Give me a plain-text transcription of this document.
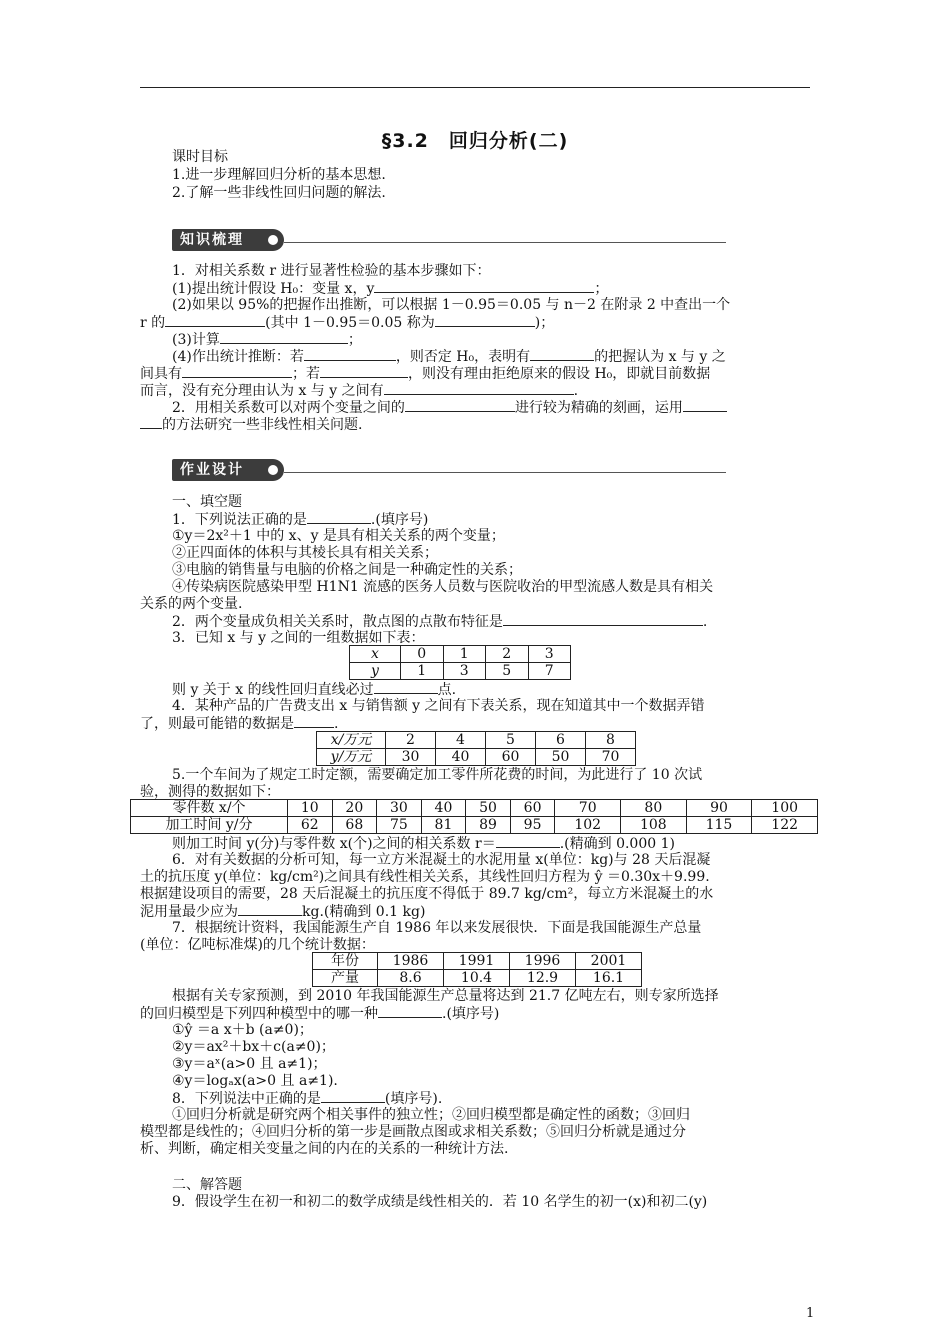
§3.2　回归分析(二)
课时目标
1.进一步理解回归分析的基本思想.
2.了解一些非线性回归问题的解法.
知识梳理
1．对相关系数 r 进行显著性检验的基本步骤如下：
(1)提出统计假设 H₀：变量 x，y	；
(2)如果以 95%的把握作出推断，可以根据 1－0.95＝0.05 与 n－2 在附录 2 中查出一个
r 的	(其中 1－0.95＝0.05 称为	)；
(3)计算	；
(4)作出统计推断：若	，则否定 H₀，表明有	的把握认为 x 与 y 之
间具有	；若	，则没有理由拒绝原来的假设 H₀，即就目前数据
而言，没有充分理由认为 x 与 y 之间有	.
2．用相关系数可以对两个变量之间的	进行较为精确的刻画，运用
的方法研究一些非线性相关问题.
作业设计
一、填空题
1．下列说法正确的是	.(填序号)
①y＝2x²＋1 中的 x、y 是具有相关关系的两个变量；
②正四面体的体积与其棱长具有相关关系；
③电脑的销售量与电脑的价格之间是一种确定性的关系；
④传染病医院感染甲型 H1N1 流感的医务人员数与医院收治的甲型流感人数是具有相关
关系的两个变量.
2．两个变量成负相关关系时，散点图的点散布特征是	.
3．已知 x 与 y 之间的一组数据如下表：
x	0	1	2	3
y	1	3	5	7
则 y 关于 x 的线性回归直线必过	点.
4．某种产品的广告费支出 x 与销售额 y 之间有下表关系，现在知道其中一个数据弄错
了，则最可能错的数据是	.
x/万元	2	4	5	6	8
y/万元	30	40	60	50	70
5.一个车间为了规定工时定额，需要确定加工零件所花费的时间，为此进行了 10 次试
验，测得的数据如下：
零件数 x/个	10	20	30	40	50	60	70	80	90	100
加工时间 y/分	62	68	75	81	89	95	102	108	115	122
则加工时间 y(分)与零件数 x(个)之间的相关系数 r＝	.(精确到 0.000 1)
6．对有关数据的分析可知，每一立方米混凝土的水泥用量 x(单位：kg)与 28 天后混凝
土的抗压度 y(单位：kg/cm²)之间具有线性相关关系，其线性回归方程为 ŷ ＝0.30x＋9.99.
根据建设项目的需要，28 天后混凝土的抗压度不得低于 89.7 kg/cm²，每立方米混凝土的水
泥用量最少应为	kg.(精确到 0.1 kg)
7．根据统计资料，我国能源生产自 1986 年以来发展很快．下面是我国能源生产总量
(单位：亿吨标准煤)的几个统计数据：
年份	1986	1991	1996	2001
产量	8.6	10.4	12.9	16.1
根据有关专家预测，到 2010 年我国能源生产总量将达到 21.7 亿吨左右，则专家所选择
的回归模型是下列四种模型中的哪一种	.(填序号)
①ŷ ＝a x＋b (a≠0)；
②y＝ax²＋bx＋c(a≠0)；
③y＝aˣ(a>0 且 a≠1)；
④y＝logₐx(a>0 且 a≠1).
8．下列说法中正确的是	(填序号).
①回归分析就是研究两个相关事件的独立性；②回归模型都是确定性的函数；③回归
模型都是线性的；④回归分析的第一步是画散点图或求相关系数；⑤回归分析就是通过分
析、判断，确定相关变量之间的内在的关系的一种统计方法.
二、解答题
9．假设学生在初一和初二的数学成绩是线性相关的．若 10 名学生的初一(x)和初二(y)
1
